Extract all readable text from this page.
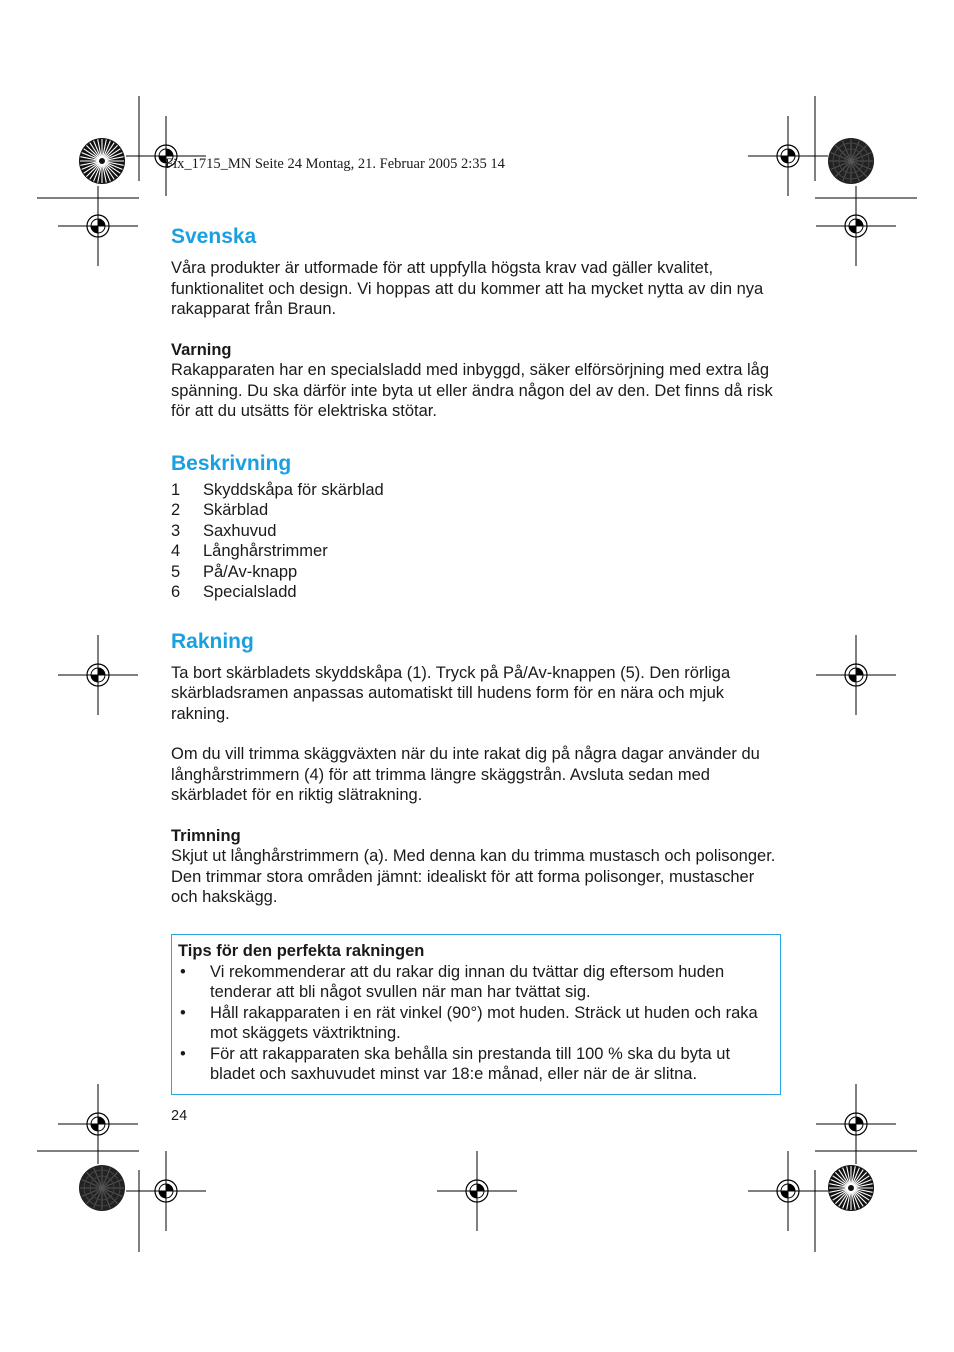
Fix_1715_MN Seite 24 Montag, 21. Februar 2005 2:35 14
Svenska

Våra produkter är utformade för att uppfylla högsta krav vad gäller kvalitet, funktionalitet och design. Vi hoppas att du kommer att ha mycket nytta av din nya rakapparat från Braun.

Varning

Rakapparaten har en specialsladd med inbyggd, säker elförsörjning med extra låg spänning. Du ska därför inte byta ut eller ändra någon del av den. Det finns då risk för att du utsätts för elektriska stötar.

Beskrivning
1	Skyddskåpa för skärblad
2	Skärblad
3	Saxhuvud
4	Långhårstrimmer
5	På/Av-knapp
6	Specialsladd
Rakning

Ta bort skärbladets skyddskåpa (1). Tryck på På/Av-knappen (5). Den rörliga skärbladsramen anpassas automatiskt till hudens form för en nära och mjuk rakning.

Om du vill trimma skäggväxten när du inte rakat dig på några dagar använder du långhårstrimmern (4) för att trimma längre skäggstrån. Avsluta sedan med skärbladet för en riktig slätrakning.

Trimning

Skjut ut långhårstrimmern (a). Med denna kan du trimma mustasch och polisonger. Den trimmar stora områden jämnt: idealiskt för att forma polisonger, mustascher och hakskägg.

Tips för den perfekta rakningen
•	Vi rekommenderar att du rakar dig innan du tvättar dig eftersom huden tenderar att bli något svullen när man har tvättat sig.
•	Håll rakapparaten i en rät vinkel (90°) mot huden. Sträck ut huden och raka mot skäggets växtriktning.
•	För att rakapparaten ska behålla sin prestanda till 100 % ska du byta ut bladet och saxhuvudet minst var 18:e månad, eller när de är slitna.
24
